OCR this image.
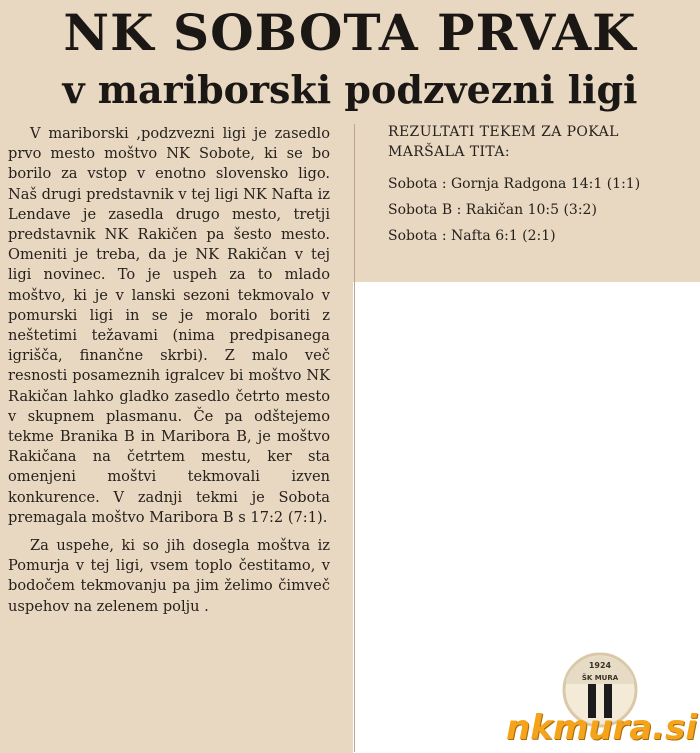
NK SOBOTA PRVAK
v mariborski podzvezni ligi

V mariborski ,podzvezni ligi je zasedlo prvo mesto moštvo NK Sobote, ki se bo borilo za vstop v enotno slovensko ligo. Naš drugi predstavnik v tej ligi NK Nafta iz Lendave je zasedla drugo mesto, tretji predstavnik NK Rakičen pa šesto mesto. Omeniti je treba, da je NK Rakičan v tej ligi novinec. To je uspeh za to mlado moštvo, ki je v lanski sezoni tekmovalo v pomurski ligi in se je moralo boriti z neštetimi težavami (nima predpisanega igrišča, finančne skrbi). Z malo več resnosti posameznih igralcev bi moštvo NK Rakičan lahko gladko zasedlo četrto mesto v skupnem plasmanu. Če pa odštejemo tekme Branika B in Maribora B, je moštvo Rakičana na četrtem mestu, ker sta omenjeni moštvi tekmovali izven konkurence. V zadnji tekmi je Sobota premagala moštvo Maribora B s 17:2 (7:1).

Za uspehe, ki so jih dosegla moštva iz Pomurja v tej ligi, vsem toplo čestitamo, v bodočem tekmovanju pa jim želimo čimveč uspehov na zelenem polju .

REZULTATI TEKEM ZA POKAL MARŠALA TITA:

Sobota : Gornja Radgona 14:1 (1:1)

Sobota B : Rakičan 10:5 (3:2)

Sobota : Nafta 6:1 (2:1)

1924
ŠK MURA
nkmura.si
